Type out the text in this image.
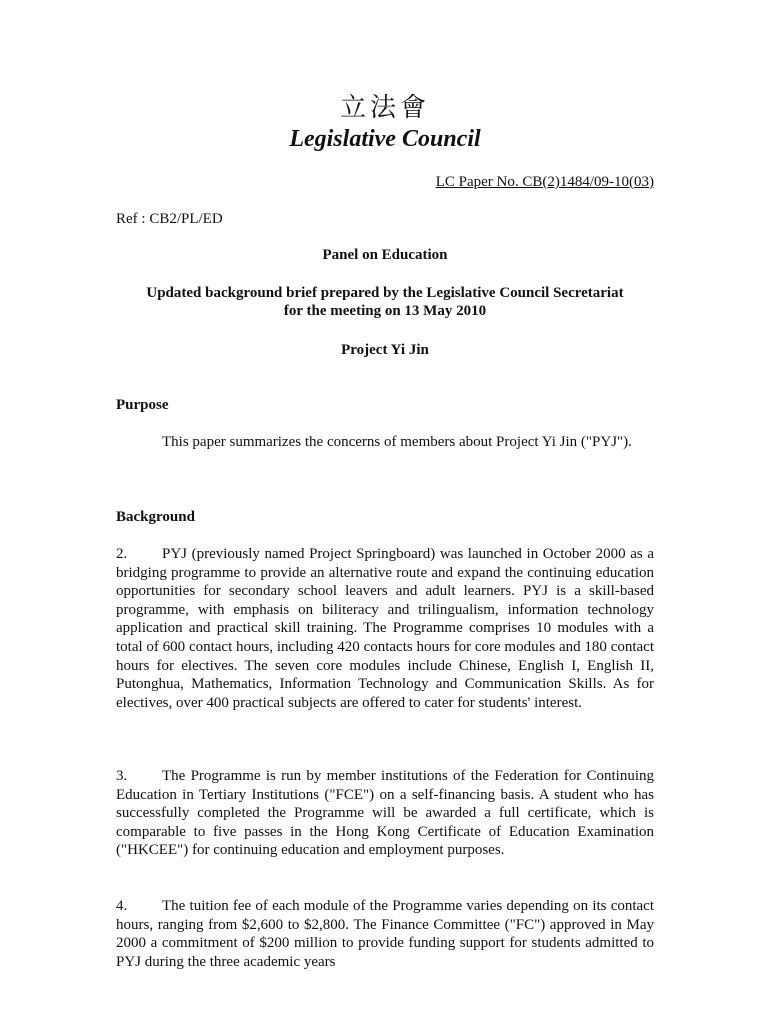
立法會
Legislative Council
LC Paper No. CB(2)1484/09-10(03)
Ref : CB2/PL/ED
Panel on Education
Updated background brief prepared by the Legislative Council Secretariat
for the meeting on 13 May 2010
Project Yi Jin
Purpose
This paper summarizes the concerns of members about Project Yi Jin ("PYJ").
Background
2. PYJ (previously named Project Springboard) was launched in October 2000 as a bridging programme to provide an alternative route and expand the continuing education opportunities for secondary school leavers and adult learners. PYJ is a skill-based programme, with emphasis on biliteracy and trilingualism, information technology application and practical skill training. The Programme comprises 10 modules with a total of 600 contact hours, including 420 contacts hours for core modules and 180 contact hours for electives. The seven core modules include Chinese, English I, English II, Putonghua, Mathematics, Information Technology and Communication Skills. As for electives, over 400 practical subjects are offered to cater for students' interest.
3. The Programme is run by member institutions of the Federation for Continuing Education in Tertiary Institutions ("FCE") on a self-financing basis. A student who has successfully completed the Programme will be awarded a full certificate, which is comparable to five passes in the Hong Kong Certificate of Education Examination ("HKCEE") for continuing education and employment purposes.
4. The tuition fee of each module of the Programme varies depending on its contact hours, ranging from $2,600 to $2,800. The Finance Committee ("FC") approved in May 2000 a commitment of $200 million to provide funding support for students admitted to PYJ during the three academic years
